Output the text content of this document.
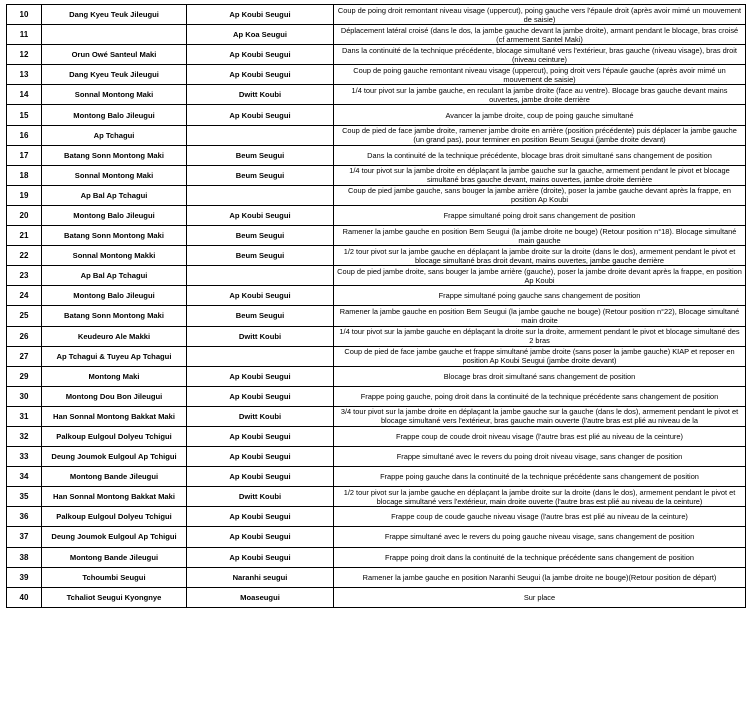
10	Dang Kyeu Teuk Jileugui	Ap Koubi Seugui	Coup de poing droit remontant niveau visage (uppercut), poing gauche vers l'épaule droit (après avoir mimé un mouvement de saisie)
11		Ap Koa Seugui	Déplacement latéral croisé (dans le dos, la jambe gauche devant la jambe droite), armant pendant le blocage, bras croisé (cf armement Santel Maki)
12	Orun Owé Santeul Maki	Ap Koubi Seugui	Dans la continuité de la technique précédente, blocage simultané vers l'extérieur, bras gauche (niveau visage), bras droit (niveau ceinture)
13	Dang Kyeu Teuk Jileugui	Ap Koubi Seugui	Coup de poing gauche remontant niveau visage (uppercut), poing droit vers l'épaule gauche (après avoir mimé un mouvement de saisie)
14	Sonnal Montong Maki	Dwitt Koubi	1/4 tour pivot sur la jambe gauche, en reculant la jambe droite (face au ventre). Blocage bras gauche devant mains ouvertes, jambe droite derrière
15	Montong Balo Jileugui	Ap Koubi Seugui	Avancer la jambe droite, coup de poing gauche simultané
16	Ap Tchagui		Coup de pied de face jambe droite, ramener jambe droite en arrière (position précédente) puis déplacer la jambe gauche (un grand pas), pour terminer en position Beum Seugui (jambe droite devant)
17	Batang Sonn Montong Maki	Beum Seugui	Dans la continuité de la technique précédente, blocage bras droit simultané sans changement de position
18	Sonnal Montong Maki	Beum Seugui	1/4 tour pivot sur la jambe droite en déplaçant la jambe gauche sur la gauche, armement pendant le pivot et blocage simultané bras gauche devant, mains ouvertes, jambe droite derrière
19	Ap Bal Ap Tchagui		Coup de pied jambe gauche, sans bouger la jambe arrière (droite), poser la jambe gauche devant après la frappe, en position Ap Koubi
20	Montong Balo Jileugui	Ap Koubi Seugui	Frappe simultané poing droit sans changement de position
21	Batang Sonn Montong Maki	Beum Seugui	Ramener la jambe gauche en position Bem Seugui (la jambe droite ne bouge) (Retour position n°18). Blocage simultané main gauche
22	Sonnal Montong Makki	Beum Seugui	1/2 tour pivot sur la jambe gauche en déplaçant la jambe droite sur la droite (dans le dos), armement pendant le pivot et blocage simultané bras droit devant, mains ouvertes, jambe gauche derrière
23	Ap Bal Ap Tchagui		Coup de pied jambe droite, sans bouger la jambe arrière (gauche), poser la jambe droite devant après la frappe, en position Ap Koubi
24	Montong Balo Jileugui	Ap Koubi Seugui	Frappe simultané poing gauche sans changement de position
25	Batang Sonn Montong Maki	Beum Seugui	Ramener la jambe gauche en position Bem Seugui (la jambe gauche ne bouge) (Retour position n°22), Blocage simultané main droite
26	Keudeuro Ale Makki	Dwitt Koubi	1/4 tour pivot sur la jambe gauche en déplaçant la droite sur la droite, armement pendant le pivot et blocage simultané des 2 bras
27	Ap Tchagui & Tuyeu Ap Tchagui		Coup de pied de face jambe gauche et frappe simultané jambe droite (sans poser la jambe gauche) KIAP et reposer en position Ap Koubi Seugui (jambe droite devant)
29	Montong Maki	Ap Koubi Seugui	Blocage bras droit simultané sans changement de position
30	Montong Dou Bon Jileugui	Ap Koubi Seugui	Frappe poing gauche, poing droit dans la continuité de la technique précédente sans changement de position
31	Han Sonnal Montong Bakkat Maki	Dwitt Koubi	3/4 tour pivot sur la jambe droite en déplaçant la jambe gauche sur la gauche (dans le dos), armement pendant le pivot et blocage simultané vers l'extérieur, bras gauche main ouverte (l'autre bras est plié au niveau de la
32	Palkoup Eulgoul Dolyeu Tchigui	Ap Koubi Seugui	Frappe coup de coude droit niveau visage (l'autre bras est plié au niveau de la ceinture)
33	Deung Joumok Eulgoul Ap Tchigui	Ap Koubi Seugui	Frappe simultané avec le revers du poing droit niveau visage, sans changer de position
34	Montong Bande Jileugui	Ap Koubi Seugui	Frappe poing gauche dans la continuité de la technique précédente sans changement de position
35	Han Sonnal Montong Bakkat Maki	Dwitt Koubi	1/2 tour pivot sur la jambe gauche en déplaçant la jambe droite sur la droite (dans le dos), armement pendant le pivot et blocage simultané vers l'extérieur, main droite ouverte (l'autre bras est plié au niveau de la ceinture)
36	Palkoup Eulgoul Dolyeu Tchigui	Ap Koubi Seugui	Frappe coup de coude gauche niveau visage (l'autre bras est plié au niveau de la ceinture)
37	Deung Joumok Eulgoul Ap Tchigui	Ap Koubi Seugui	Frappe simultané avec le revers du poing gauche niveau visage, sans changement de position
38	Montong Bande Jileugui	Ap Koubi Seugui	Frappe poing droit dans la continuité de la technique précédente sans changement de position
39	Tchoumbi Seugui	Naranhi seugui	Ramener la jambe gauche en position Naranhi Seugui (la jambe droite ne bouge)(Retour position de départ)
40	Tchaliot Seugui Kyongnye	Moaseugui	Sur place
